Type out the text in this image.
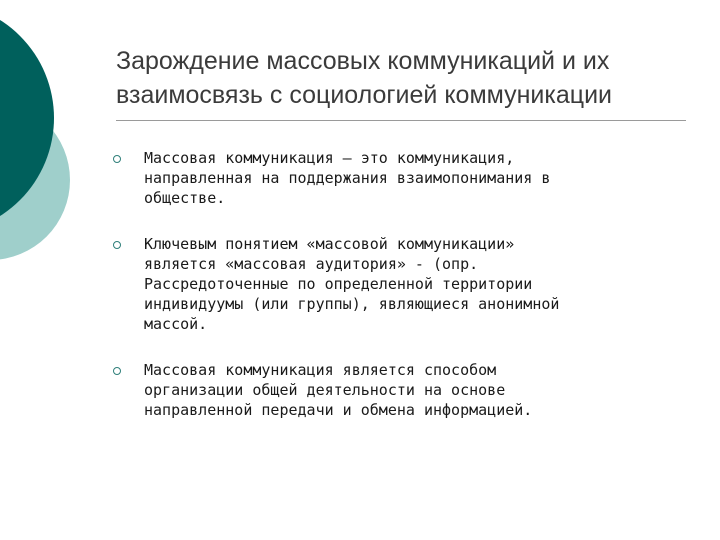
Зарождение массовых коммуникаций и их
взаимосвязь с социологией коммуникации
Массовая коммуникация – это коммуникация,
направленная на поддержания взаимопонимания в
обществе.
Ключевым понятием «массовой коммуникации»
является «массовая аудитория» - (опр.
Рассредоточенные по определенной территории
индивидуумы (или группы), являющиеся анонимной
массой.
Массовая коммуникация является способом
организации общей деятельности на основе
направленной передачи и обмена информацией.
